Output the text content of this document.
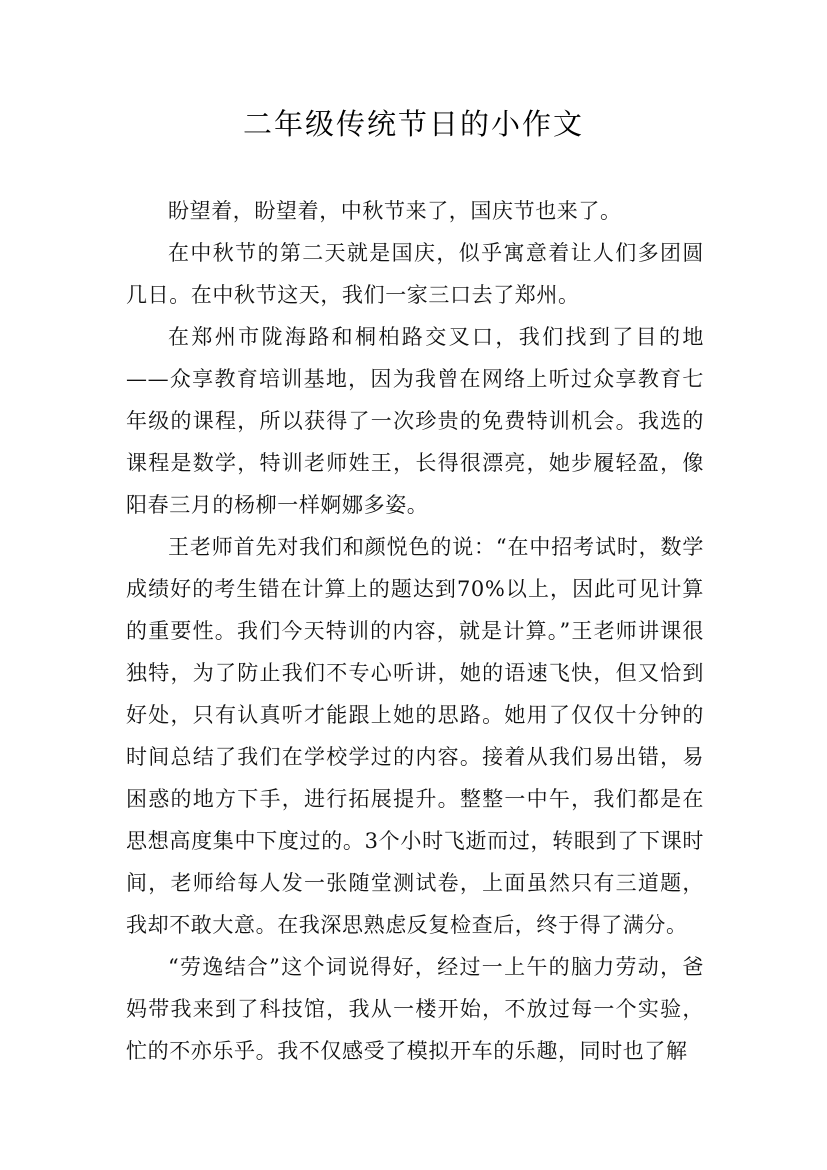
二年级传统节日的小作文

盼望着，盼望着，中秋节来了，国庆节也来了。

在中秋节的第二天就是国庆，似乎寓意着让人们多团圆几日。在中秋节这天，我们一家三口去了郑州。

在郑州市陇海路和桐柏路交叉口，我们找到了目的地——众享教育培训基地，因为我曾在网络上听过众享教育七年级的课程，所以获得了一次珍贵的免费特训机会。我选的课程是数学，特训老师姓王，长得很漂亮，她步履轻盈，像阳春三月的杨柳一样婀娜多姿。

王老师首先对我们和颜悦色的说：“在中招考试时，数学成绩好的考生错在计算上的题达到70%以上，因此可见计算的重要性。我们今天特训的内容，就是计算。”王老师讲课很独特，为了防止我们不专心听讲，她的语速飞快，但又恰到好处，只有认真听才能跟上她的思路。她用了仅仅十分钟的时间总结了我们在学校学过的内容。接着从我们易出错，易困惑的地方下手，进行拓展提升。整整一中午，我们都是在思想高度集中下度过的。3个小时飞逝而过，转眼到了下课时间，老师给每人发一张随堂测试卷，上面虽然只有三道题，我却不敢大意。在我深思熟虑反复检查后，终于得了满分。

“劳逸结合”这个词说得好，经过一上午的脑力劳动，爸妈带我来到了科技馆，我从一楼开始，不放过每一个实验，忙的不亦乐乎。我不仅感受了模拟开车的乐趣，同时也了解
